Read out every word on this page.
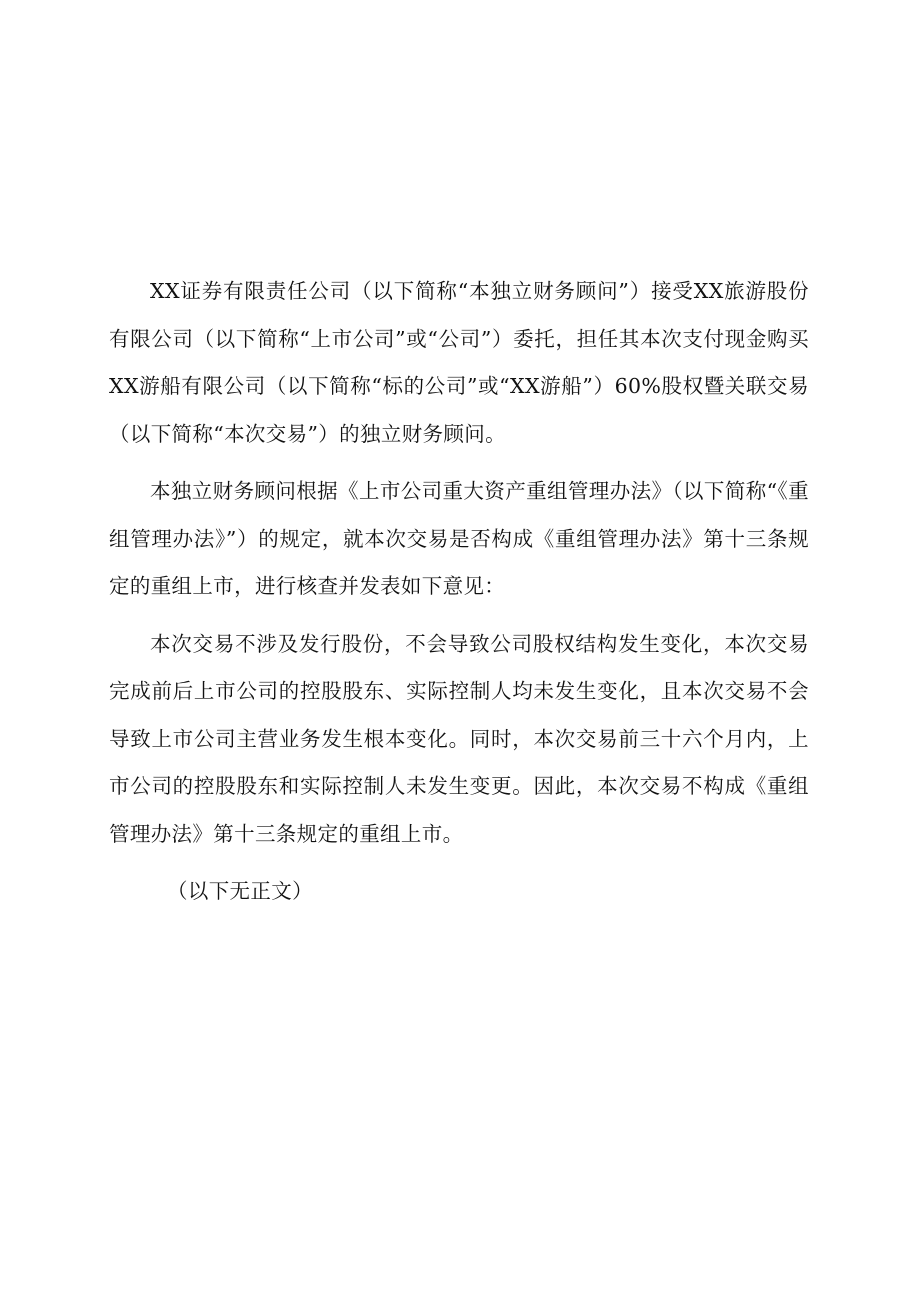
XX证券有限责任公司（以下简称“本独立财务顾问”）接受XX旅游股份有限公司（以下简称“上市公司”或“公司”）委托，担任其本次支付现金购买XX游船有限公司（以下简称“标的公司”或“XX游船”）60%股权暨关联交易（以下简称“本次交易”）的独立财务顾问。

本独立财务顾问根据《上市公司重大资产重组管理办法》（以下简称“《重组管理办法》”）的规定，就本次交易是否构成《重组管理办法》第十三条规定的重组上市，进行核查并发表如下意见：

本次交易不涉及发行股份，不会导致公司股权结构发生变化，本次交易完成前后上市公司的控股股东、实际控制人均未发生变化，且本次交易不会导致上市公司主营业务发生根本变化。同时，本次交易前三十六个月内，上市公司的控股股东和实际控制人未发生变更。因此，本次交易不构成《重组管理办法》第十三条规定的重组上市。

（以下无正文）
